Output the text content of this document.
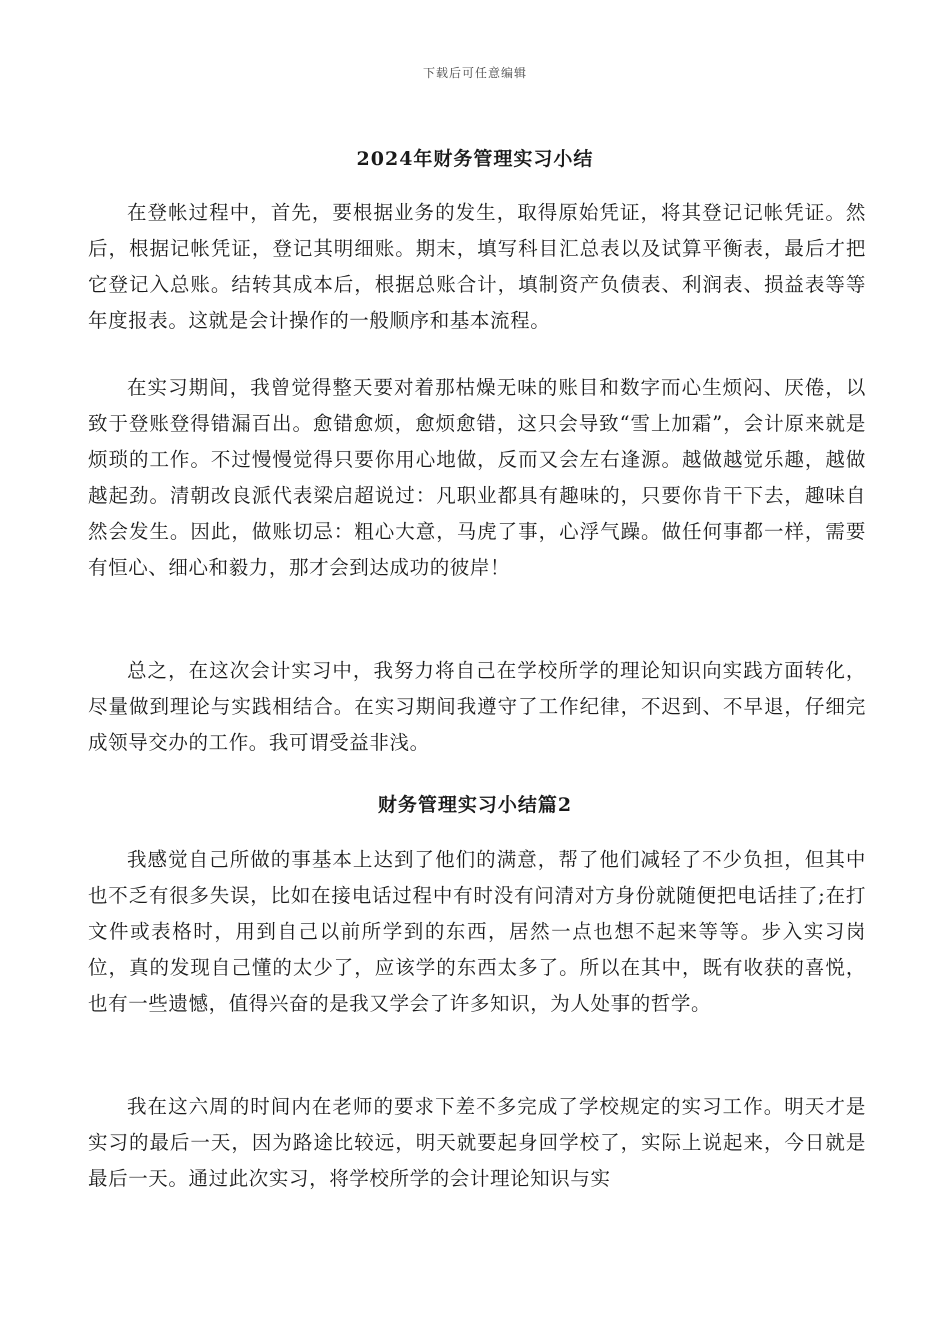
下载后可任意编辑
2024年财务管理实习小结

在登帐过程中，首先，要根据业务的发生，取得原始凭证，将其登记记帐凭证。然后，根据记帐凭证，登记其明细账。期末，填写科目汇总表以及试算平衡表，最后才把它登记入总账。结转其成本后，根据总账合计，填制资产负债表、利润表、损益表等等年度报表。这就是会计操作的一般顺序和基本流程。

在实习期间，我曾觉得整天要对着那枯燥无味的账目和数字而心生烦闷、厌倦，以致于登账登得错漏百出。愈错愈烦，愈烦愈错，这只会导致“雪上加霜”，会计原来就是烦琐的工作。不过慢慢觉得只要你用心地做，反而又会左右逢源。越做越觉乐趣，越做越起劲。清朝改良派代表梁启超说过：凡职业都具有趣味的，只要你肯干下去，趣味自然会发生。因此，做账切忌：粗心大意，马虎了事，心浮气躁。做任何事都一样，需要有恒心、细心和毅力，那才会到达成功的彼岸！

总之，在这次会计实习中，我努力将自己在学校所学的理论知识向实践方面转化，尽量做到理论与实践相结合。在实习期间我遵守了工作纪律，不迟到、不早退，仔细完成领导交办的工作。我可谓受益非浅。

财务管理实习小结篇2

我感觉自己所做的事基本上达到了他们的满意，帮了他们减轻了不少负担，但其中也不乏有很多失误，比如在接电话过程中有时没有问清对方身份就随便把电话挂了;在打文件或表格时，用到自己以前所学到的东西，居然一点也想不起来等等。步入实习岗位，真的发现自己懂的太少了，应该学的东西太多了。所以在其中，既有收获的喜悦，也有一些遗憾，值得兴奋的是我又学会了许多知识，为人处事的哲学。

我在这六周的时间内在老师的要求下差不多完成了学校规定的实习工作。明天才是实习的最后一天，因为路途比较远，明天就要起身回学校了，实际上说起来，今日就是最后一天。通过此次实习，将学校所学的会计理论知识与实
